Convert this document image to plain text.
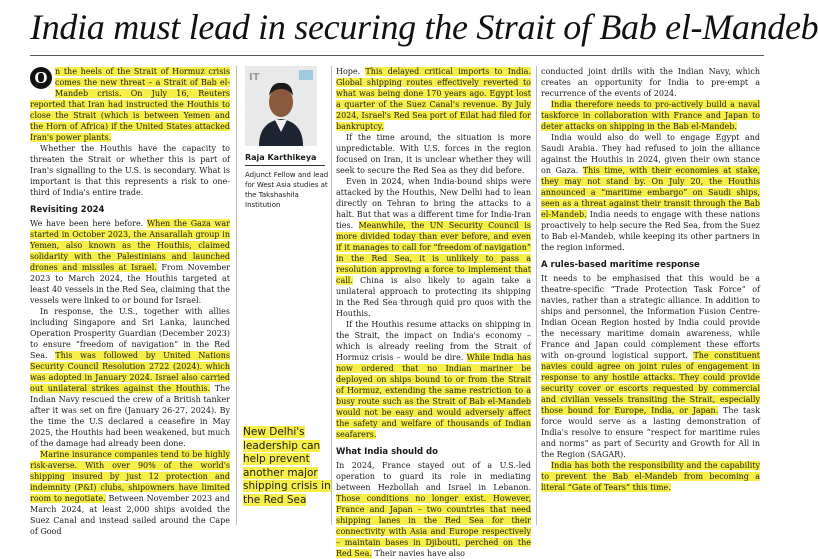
India must lead in securing the Strait of Bab el-Mandeb

O n the heels of the Strait of Hormuz crisis comes the new threat – a Strait of Bab el-Mandeb crisis. On July 16, Reuters reported that Iran had instructed the Houthis to close the Strait (which is between Yemen and the Horn of Africa) if the United States attacked Iran's power plants.

Whether the Houthis have the capacity to threaten the Strait or whether this is part of Iran's signalling to the U.S. is secondary. What is important is that this represents a risk to one-third of India's entire trade.

Revisiting 2024

We have been here before. When the Gaza war started in October 2023, the Ansarallah group in Yemen, also known as the Houthis, claimed solidarity with the Palestinians and launched drones and missiles at Israel. From November 2023 to March 2024, the Houthis targeted at least 40 vessels in the Red Sea, claiming that the vessels were linked to or bound for Israel.

In response, the U.S., together with allies including Singapore and Sri Lanka, launched Operation Prosperity Guardian (December 2023) to ensure “freedom of navigation” in the Red Sea. This was followed by United Nations Security Council Resolution 2722 (2024). which was adopted in January 2024. Israel also carried out unilateral strikes against the Houthis. The Indian Navy rescued the crew of a British tanker after it was set on fire (January 26-27, 2024). By the time the U.S declared a ceasefire in May 2025, the Houthis had been weakened, but much of the damage had already been done.

Marine insurance companies tend to be highly risk-averse. With over 90% of the world's shipping insured by just 12 protection and indemnity (P&I) clubs, shipowners have limited room to negotiate. Between November 2023 and March 2024, at least 2,000 ships avoided the Suez Canal and instead sailed around the Cape of Good

IT
Raja Karthikeya
Adjunct Fellow and lead for West Asia studies at the Takshashila Institution
New Delhi's leadership can help prevent another major shipping crisis in the Red Sea

Hope. This delayed critical imports to India. Global shipping routes effectively reverted to what was being done 170 years ago. Egypt lost a quarter of the Suez Canal's revenue. By July 2024, Israel's Red Sea port of Eilat had filed for bankruptcy.

If the time around, the situation is more unpredictable. With U.S. forces in the region focused on Iran, it is unclear whether they will seek to secure the Red Sea as they did before.

Even in 2024, when India-bound ships were attacked by the Houthis, New Delhi had to lean directly on Tehran to bring the attacks to a halt. But that was a different time for India-Iran ties. Meanwhile, the UN Security Council is more divided today than ever before, and even if it manages to call for “freedom of navigation” in the Red Sea, it is unlikely to pass a resolution approving a force to implement that call. China is also likely to again take a unilateral approach to protecting its shipping in the Red Sea through quid pro quos with the Houthis.

If the Houthis resume attacks on shipping in the Strait, the impact on India's economy – which is already reeling from the Strait of Hormuz crisis – would be dire. While India has now ordered that no Indian mariner be deployed on ships bound to or from the Strait of Hormuz, extending the same restriction to a busy route such as the Strait of Bab el-Mandeb would not be easy and would adversely affect the safety and welfare of thousands of Indian seafarers.

What India should do

In 2024, France stayed out of a U.S.-led operation to guard its role in mediating between Hezbollah and Israel in Lebanon. Those conditions no longer exist. However, France and Japan – two countries that need shipping lanes in the Red Sea for their connectivity with Asia and Europe respectively – maintain bases in Djibouti, perched on the Red Sea. Their navies have also

conducted joint drills with the Indian Navy, which creates an opportunity for India to pre-empt a recurrence of the events of 2024.

India therefore needs to pro-actively build a naval taskforce in collaboration with France and Japan to deter attacks on shipping in the Bab el-Mandeb.

India would also do well to engage Egypt and Saudi Arabia. They had refused to join the alliance against the Houthis in 2024, given their own stance on Gaza. This time, with their economies at stake, they may not stand by. On July 20, the Houthis announced a “maritime embargo” on Saudi ships, seen as a threat against their transit through the Bab el-Mandeb. India needs to engage with these nations proactively to help secure the Red Sea, from the Suez to Bab el-Mandeb, while keeping its other partners in the region informed.

A rules-based maritime response

It needs to be emphasised that this would be a theatre-specific “Trade Protection Task Force” of navies, rather than a strategic alliance. In addition to ships and personnel, the Information Fusion Centre-Indian Ocean Region hosted by India could provide the necessary maritime domain awareness, while France and Japan could complement these efforts with on-ground logistical support. The constituent navies could agree on joint rules of engagement in response to any hostile attacks. They could provide security cover or escorts requested by commercial and civilian vessels transiting the Strait, especially those bound for Europe, India, or Japan. The task force would serve as a lasting demonstration of India's resolve to ensure “respect for maritime rules and norms” as part of Security and Growth for All in the Region (SAGAR).

India has both the responsibility and the capability to prevent the Bab el-Mandeb from becoming a literal “Gate of Tears” this time.
